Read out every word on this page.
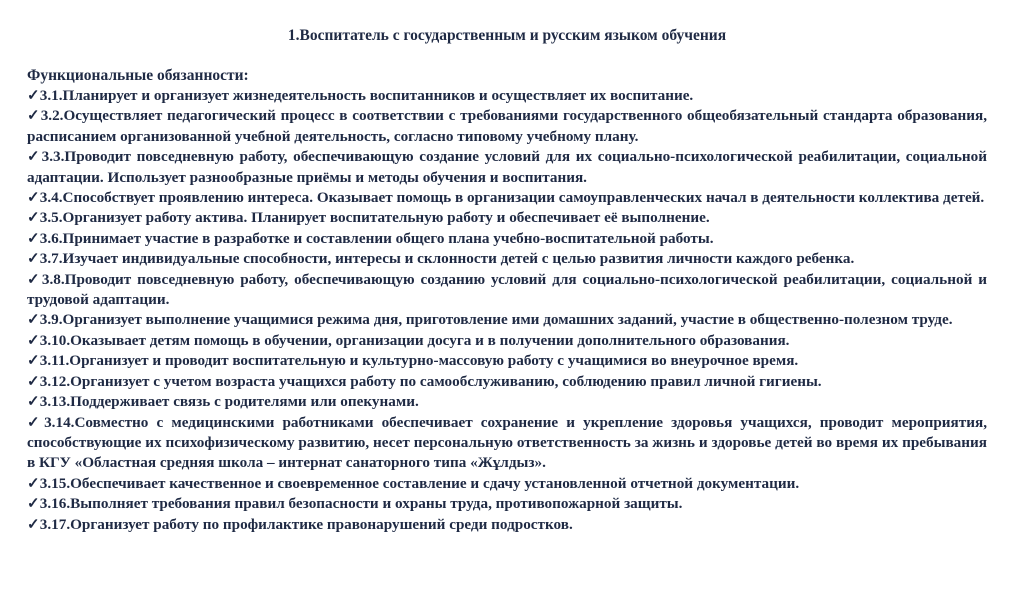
1.Воспитатель с государственным и русским языком обучения

Функциональные обязанности:

✓3.1.Планирует и организует жизнедеятельность воспитанников и осуществляет их воспитание.

✓3.2.Осуществляет педагогический процесс в соответствии с требованиями государственного общеобязательный стандарта образования, расписанием организованной учебной деятельность, согласно типовому учебному плану.

✓3.3.Проводит повседневную работу, обеспечивающую создание условий для их социально-психологической реабилитации, социальной адаптации. Использует разнообразные приёмы и методы обучения и воспитания.

✓3.4.Способствует проявлению интереса. Оказывает помощь в организации самоуправленческих начал в деятельности коллектива детей.

✓3.5.Организует работу актива. Планирует воспитательную работу и обеспечивает её выполнение.

✓3.6.Принимает участие в разработке и составлении общего плана учебно-воспитательной работы.

✓3.7.Изучает индивидуальные способности, интересы и склонности детей с целью развития личности каждого ребенка.

✓3.8.Проводит повседневную работу, обеспечивающую созданию условий для социально-психологической реабилитации, социальной и трудовой адаптации.

✓3.9.Организует выполнение учащимися режима дня, приготовление ими домашних заданий, участие в общественно-полезном труде.

✓3.10.Оказывает детям помощь в обучении, организации досуга и в получении дополнительного образования.

✓3.11.Организует и проводит воспитательную и культурно-массовую работу с учащимися во внеурочное время.

✓3.12.Организует с учетом возраста учащихся работу по самообслуживанию, соблюдению правил личной гигиены.

✓3.13.Поддерживает связь с родителями или опекунами.

✓3.14.Совместно с медицинскими работниками обеспечивает сохранение и укрепление здоровья учащихся, проводит мероприятия, способствующие их психофизическому развитию, несет персональную ответственность за жизнь и здоровье детей во время их пребывания в КГУ «Областная средняя школа – интернат санаторного типа «Жұлдыз».

✓3.15.Обеспечивает качественное и своевременное составление и сдачу установленной отчетной документации.

✓3.16.Выполняет требования правил безопасности и охраны труда, противопожарной защиты.

✓3.17.Организует работу по профилактике правонарушений среди подростков.
